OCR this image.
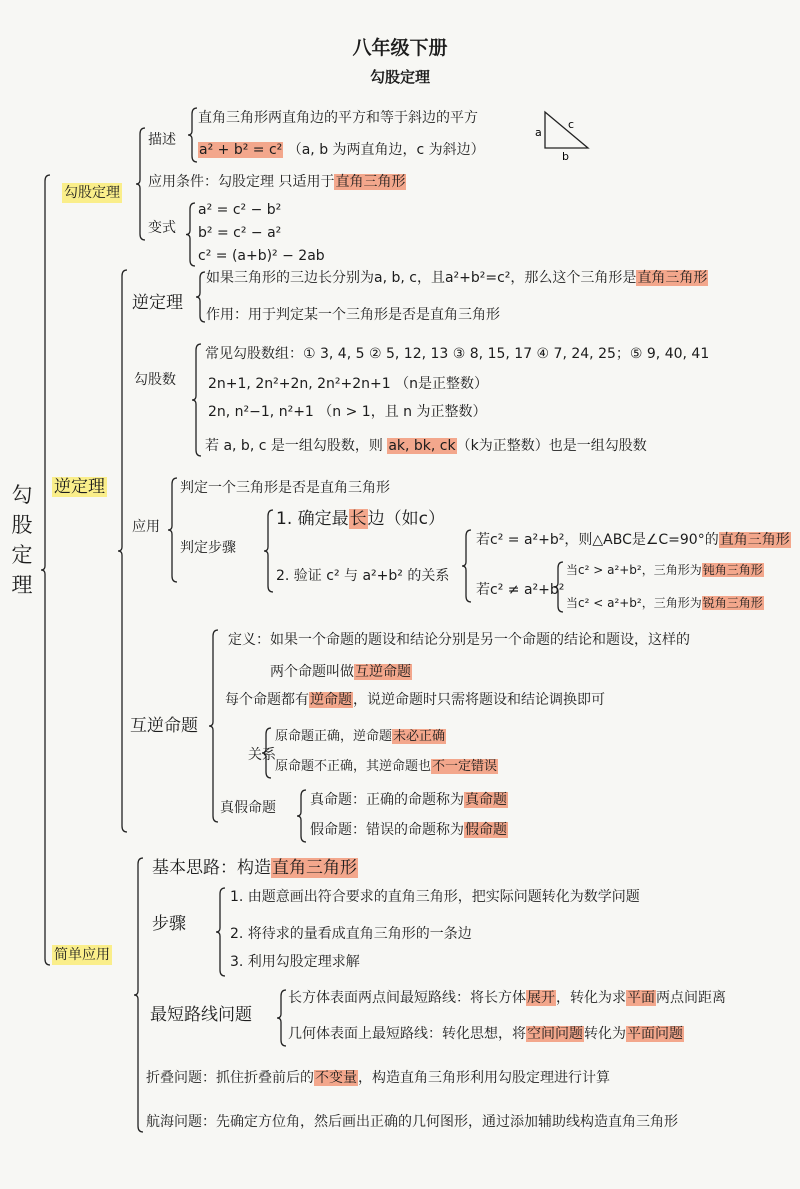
八年级下册
勾股定理
勾股定理
勾股定理
逆定理
简单应用
a
c
b
描述
直角三角形两直角边的平方和等于斜边的平方
a² + b² = c² （a, b 为两直角边，c 为斜边）
应用条件：勾股定理 只适用于直角三角形
变式
a² = c² − b²
b² = c² − a²
c² = (a+b)² − 2ab
逆定理
如果三角形的三边长分别为a, b, c，且a²+b²=c²，那么这个三角形是直角三角形
作用：用于判定某一个三角形是否是直角三角形
勾股数
常见勾股数组：① 3, 4, 5 ② 5, 12, 13 ③ 8, 15, 17 ④ 7, 24, 25；⑤ 9, 40, 41
2n+1, 2n²+2n, 2n²+2n+1 （n是正整数）
2n, n²−1, n²+1 （n > 1，且 n 为正整数）
若 a, b, c 是一组勾股数，则 ak, bk, ck（k为正整数）也是一组勾股数
应用
判定一个三角形是否是直角三角形
判定步骤
1. 确定最长边（如c）
2. 验证 c² 与 a²+b² 的关系
若c² = a²+b²，则△ABC是∠C=90°的直角三角形
若c² ≠ a²+b²
当c² > a²+b²，三角形为钝角三角形
当c² < a²+b²，三角形为锐角三角形
互逆命题
定义：如果一个命题的题设和结论分别是另一个命题的结论和题设，这样的
两个命题叫做互逆命题
每个命题都有逆命题，说逆命题时只需将题设和结论调换即可
关系
原命题正确，逆命题未必正确
原命题不正确，其逆命题也不一定错误
真假命题 真命题：正确的命题称为真命题
假命题：错误的命题称为假命题
基本思路：构造直角三角形
步骤
1. 由题意画出符合要求的直角三角形，把实际问题转化为数学问题
2. 将待求的量看成直角三角形的一条边
3. 利用勾股定理求解
最短路线问题
长方体表面两点间最短路线：将长方体展开，转化为求平面两点间距离
几何体表面上最短路线：转化思想，将空间问题转化为平面问题
折叠问题：抓住折叠前后的不变量，构造直角三角形利用勾股定理进行计算
航海问题：先确定方位角，然后画出正确的几何图形，通过添加辅助线构造直角三角形
